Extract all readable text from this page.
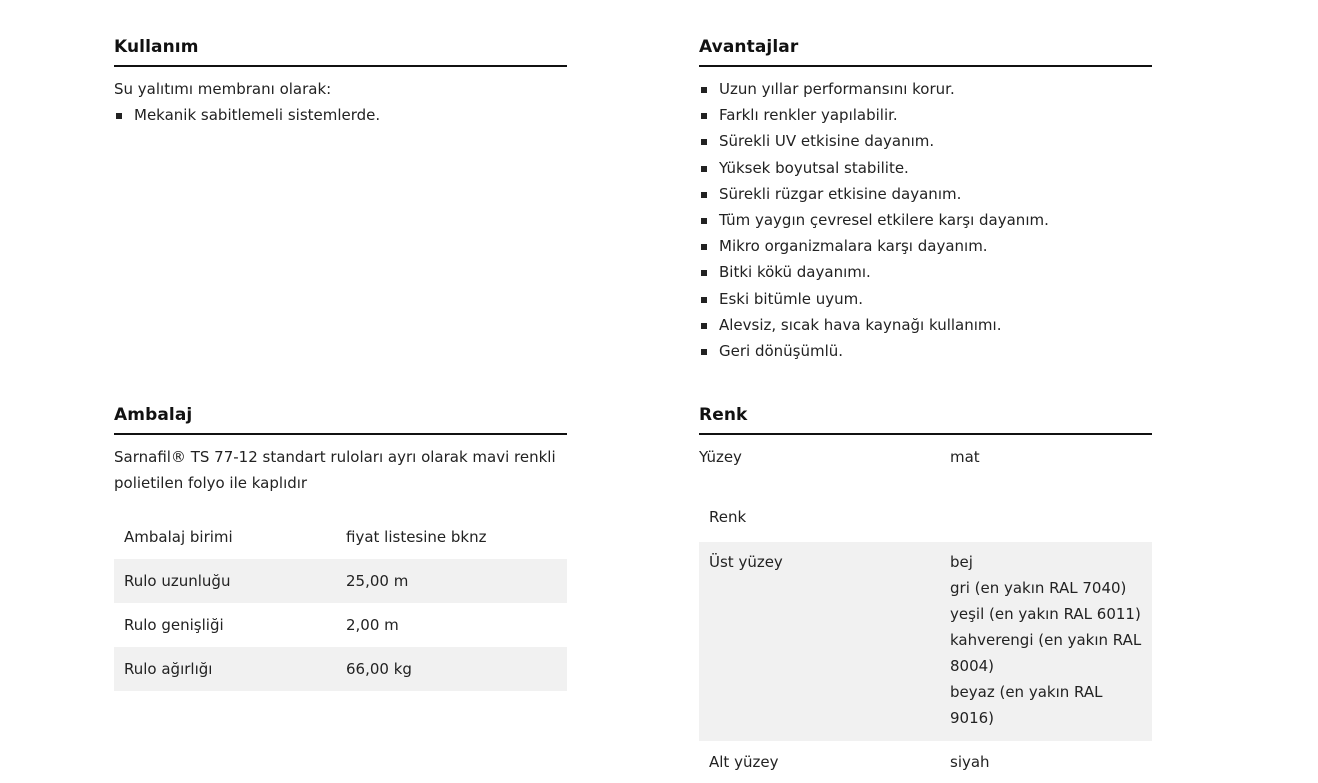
Kullanım
Su yalıtımı membranı olarak:
Mekanik sabitlemeli sistemlerde.
Avantajlar
Uzun yıllar performansını korur.
Farklı renkler yapılabilir.
Sürekli UV etkisine dayanım.
Yüksek boyutsal stabilite.
Sürekli rüzgar etkisine dayanım.
Tüm yaygın çevresel etkilere karşı dayanım.
Mikro organizmalara karşı dayanım.
Bitki kökü dayanımı.
Eski bitümle uyum.
Alevsiz, sıcak hava kaynağı kullanımı.
Geri dönüşümlü.
Ambalaj
Sarnafil® TS 77-12 standart ruloları ayrı olarak mavi renkli polietilen folyo ile kaplıdır
Ambalaj birimi	fiyat listesine bknz
Rulo uzunluğu	25,00 m
Rulo genişliği	2,00 m
Rulo ağırlığı	66,00 kg
Renk
Yüzey	mat
Renk	
Üst yüzey	bej
gri (en yakın RAL 7040)
yeşil (en yakın RAL 6011)
kahverengi (en yakın RAL 8004)
beyaz (en yakın RAL 9016)

Alt yüzey	siyah
